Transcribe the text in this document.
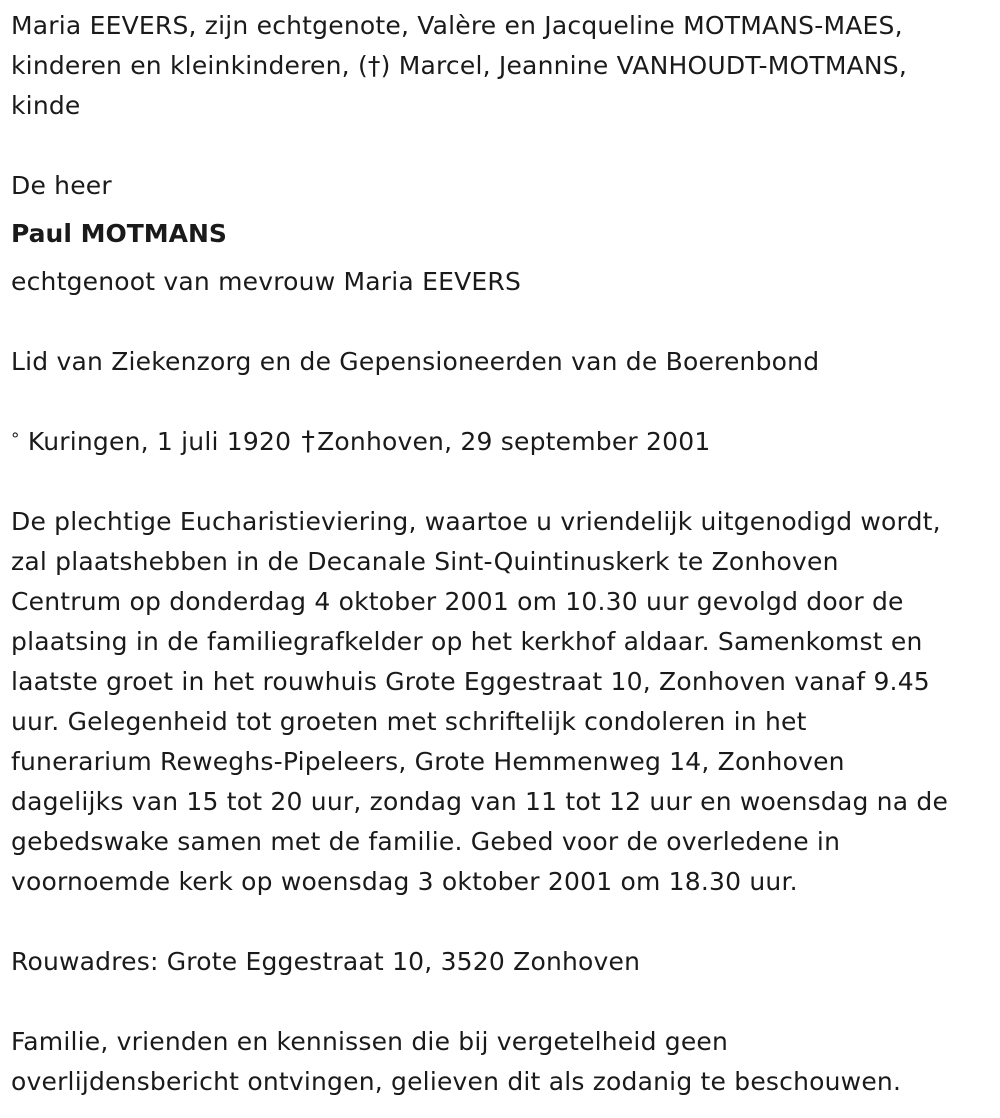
Maria EEVERS, zijn echtgenote, Valère en Jacqueline MOTMANS-MAES,
kinderen en kleinkinderen, (†) Marcel, Jeannine VANHOUDT-MOTMANS,
kinde

De heer

Paul MOTMANS

echtgenoot van mevrouw Maria EEVERS

Lid van Ziekenzorg en de Gepensioneerden van de Boerenbond

° Kuringen, 1 juli 1920 †Zonhoven, 29 september 2001

De plechtige Eucharistieviering, waartoe u vriendelijk uitgenodigd wordt,
zal plaatshebben in de Decanale Sint-Quintinuskerk te Zonhoven
Centrum op donderdag 4 oktober 2001 om 10.30 uur gevolgd door de
plaatsing in de familiegrafkelder op het kerkhof aldaar. Samenkomst en
laatste groet in het rouwhuis Grote Eggestraat 10, Zonhoven vanaf 9.45
uur. Gelegenheid tot groeten met schriftelijk condoleren in het
funerarium Reweghs-Pipeleers, Grote Hemmenweg 14, Zonhoven
dagelijks van 15 tot 20 uur, zondag van 11 tot 12 uur en woensdag na de
gebedswake samen met de familie. Gebed voor de overledene in
voornoemde kerk op woensdag 3 oktober 2001 om 18.30 uur.

Rouwadres: Grote Eggestraat 10, 3520 Zonhoven

Familie, vrienden en kennissen die bij vergetelheid geen
overlijdensbericht ontvingen, gelieven dit als zodanig te beschouwen.
